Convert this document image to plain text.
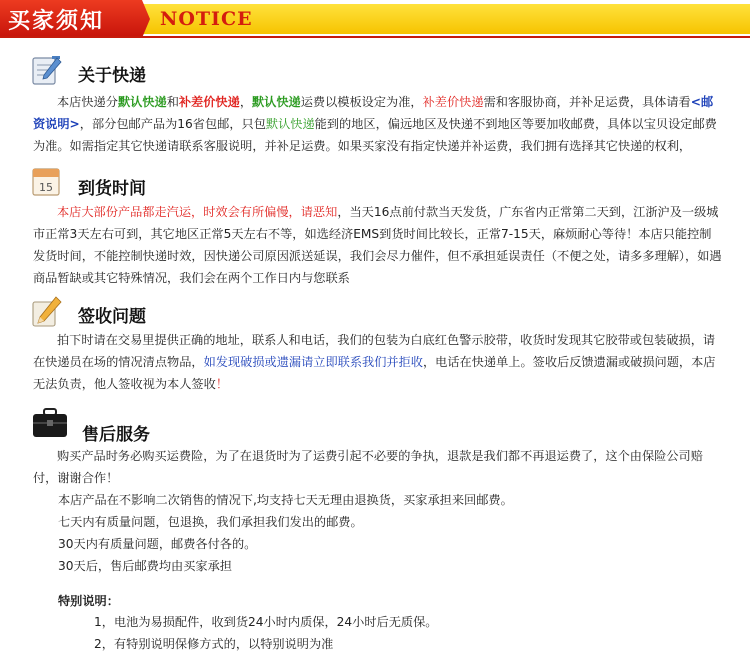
买家须知	NOTICE
关于快递

本店快递分默认快递和补差价快递，默认快递运费以模板设定为准，补差价快递需和客服协商，并补足运费，具体请看<邮资说明>，部分包邮产品为16省包邮，只包默认快递能到的地区，偏远地区及快递不到地区等要加收邮费，具体以宝贝设定邮费为准。如需指定其它快递请联系客服说明，并补足运费。如果买家没有指定快递并补运费，我们拥有选择其它快递的权利，

15 到货时间

本店大部份产品都走汽运，时效会有所偏慢，请恶知，当天16点前付款当天发货，广东省内正常第二天到，江浙沪及一级城市正常3天左右可到，其它地区正常5天左右不等，如选经济EMS到货时间比较长，正常7-15天，麻烦耐心等待！本店只能控制发货时间，不能控制快递时效，因快递公司原因派送延误，我们会尽力催件，但不承担延误责任（不便之处，请多多理解），如遇商品暂缺或其它特殊情况，我们会在两个工作日内与您联系

签收问题

拍下时请在交易里提供正确的地址，联系人和电话，我们的包装为白底红色警示胶带，收货时发现其它胶带或包装破损，请在快递员在场的情况清点物品，如发现破损或遗漏请立即联系我们并拒收，电话在快递单上。签收后反馈遗漏或破损问题，本店无法负责，他人签收视为本人签收！

售后服务

购买产品时务必购买运费险，为了在退货时为了运费引起不必要的争执，退款是我们都不再退运费了，这个由保险公司赔付，谢谢合作！

本店产品在不影响二次销售的情况下,均支持七天无理由退换货，买家承担来回邮费。
七天内有质量问题，包退换，我们承担我们发出的邮费。
30天内有质量问题，邮费各付各的。
30天后，售后邮费均由买家承担
特别说明：
1，电池为易损配件，收到货24小时内质保，24小时后无质保。
2，有特别说明保修方式的，以特别说明为准
